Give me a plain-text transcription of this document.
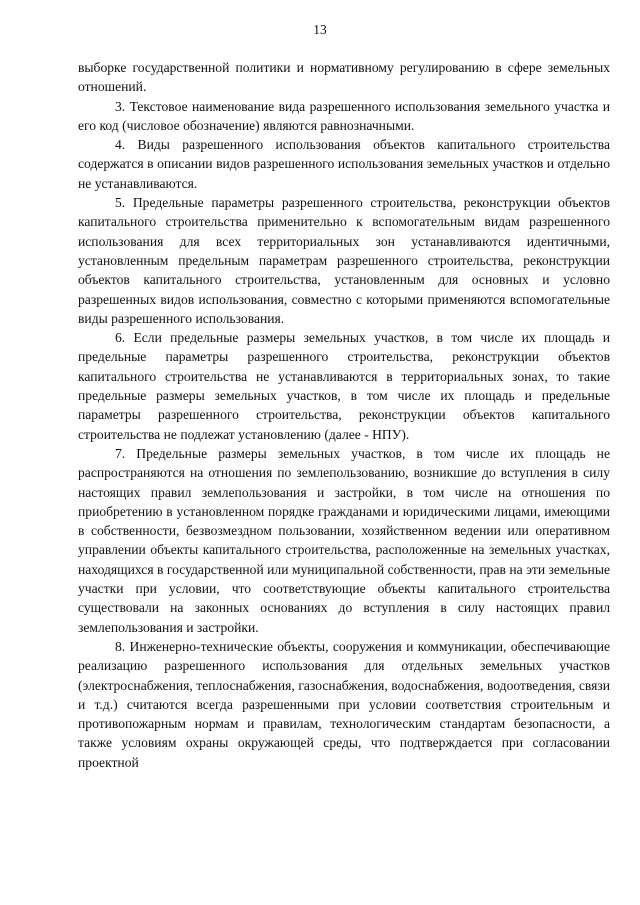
13

выборке государственной политики и нормативному регулированию в сфере земельных отношений.

3. Текстовое наименование вида разрешенного использования земельного участка и его код (числовое обозначение) являются равнозначными.

4. Виды разрешенного использования объектов капитального строительства содержатся в описании видов разрешенного использования земельных участков и отдельно не устанавливаются.

5. Предельные параметры разрешенного строительства, реконструкции объектов капитального строительства применительно к вспомогательным видам разрешенного использования для всех территориальных зон устанавливаются идентичными, установленным предельным параметрам разрешенного строительства, реконструкции объектов капитального строительства, установленным для основных и условно разрешенных видов использования, совместно с которыми применяются вспомогательные виды разрешенного использования.

6. Если предельные размеры земельных участков, в том числе их площадь и предельные параметры разрешенного строительства, реконструкции объектов капитального строительства не устанавливаются в территориальных зонах, то такие предельные размеры земельных участков, в том числе их площадь и предельные параметры разрешенного строительства, реконструкции объектов капитального строительства не подлежат установлению (далее - НПУ).

7. Предельные размеры земельных участков, в том числе их площадь не распространяются на отношения по землепользованию, возникшие до вступления в силу настоящих правил землепользования и застройки, в том числе на отношения по приобретению в установленном порядке гражданами и юридическими лицами, имеющими в собственности, безвозмездном пользовании, хозяйственном ведении или оперативном управлении объекты капитального строительства, расположенные на земельных участках, находящихся в государственной или муниципальной собственности, прав на эти земельные участки при условии, что соответствующие объекты капитального строительства существовали на законных основаниях до вступления в силу настоящих правил землепользования и застройки.

8. Инженерно-технические объекты, сооружения и коммуникации, обеспечивающие реализацию разрешенного использования для отдельных земельных участков (электроснабжения, теплоснабжения, газоснабжения, водоснабжения, водоотведения, связи и т.д.) считаются всегда разрешенными при условии соответствия строительным и противопожарным нормам и правилам, технологическим стандартам безопасности, а также условиям охраны окружающей среды, что подтверждается при согласовании проектной
